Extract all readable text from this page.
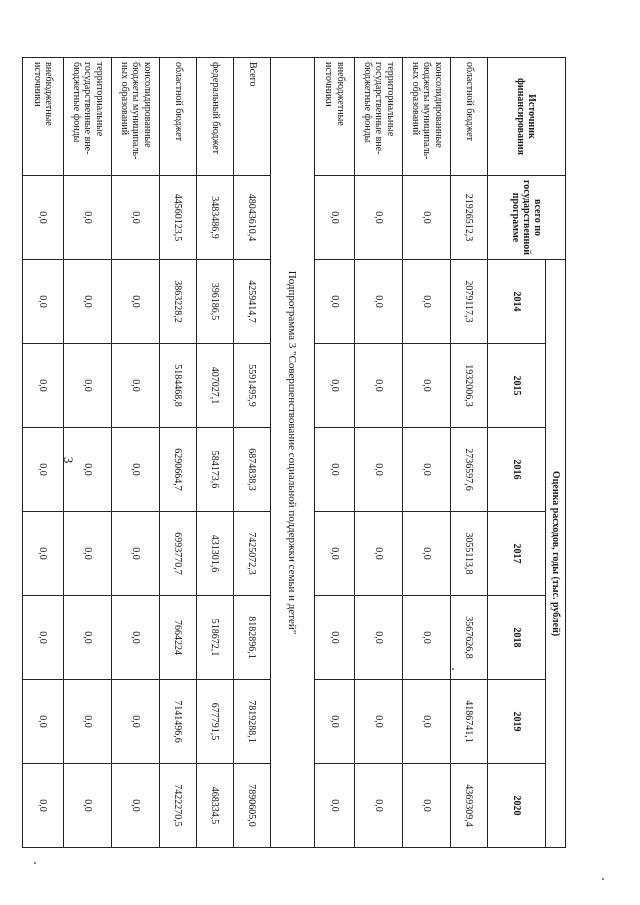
3
Источник финансирования	всего по государственной программе	Оценка расходов, годы (тыс. рублей)						
		2014	2015	2016	2017	2018	2019	2020
областной бюджет	21926512,3	2079117,3	1932006,3	2736597,6	3055113,8	3567626,8	4186741,1	4369309,4
консолидированные бюджеты муниципаль-ных образований	0,0	0,0	0,0	0,0	0,0	0,0	0,0	0,0
территориальные государственные вне-бюджетные фонды	0,0	0,0	0,0	0,0	0,0	0,0	0,0	0,0
внебюджетные источники	0,0	0,0	0,0	0,0	0,0	0,0	0,0	0,0
Подпрограмма 3 "Совершенствование социальной поддержки семьи и детей"								
Всего	48043610,4	4259414,7	5591495,9	6874838,3	7425072,3	8182896,1	7819288,1	7890605,0
федеральный бюджет	3483486,9	396186,5	407027,1	584173,6	431301,6	518672,1	677791,5	468334,5
областной бюджет	44560123,5	3863228,2	5184468,8	6290664,7	6993770,7	7664224	7141496,6	7422270,5
консолидированные бюджеты муниципаль-ных образований	0,0	0,0	0,0	0,0	0,0	0,0	0,0	0,0
территориальные государственные вне-бюджетные фонды	0,0	0,0	0,0	0,0	0,0	0,0	0,0	0,0
внебюджетные источники	0,0	0,0	0,0	0,0	0,0	0,0	0,0	0,0
